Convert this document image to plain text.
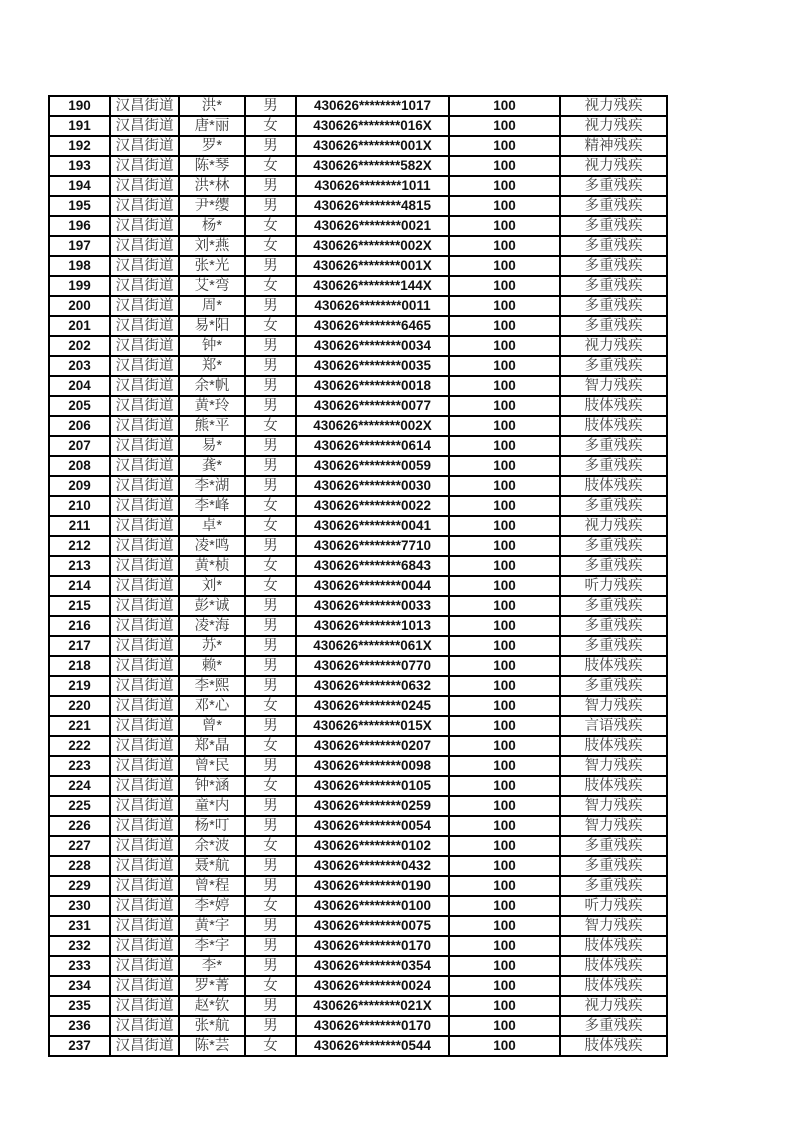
190	汉昌街道	洪*	男	430626********1017	100	视力残疾
191	汉昌街道	唐*丽	女	430626********016X	100	视力残疾
192	汉昌街道	罗*	男	430626********001X	100	精神残疾
193	汉昌街道	陈*琴	女	430626********582X	100	视力残疾
194	汉昌街道	洪*林	男	430626********1011	100	多重残疾
195	汉昌街道	尹*缨	男	430626********4815	100	多重残疾
196	汉昌街道	杨*	女	430626********0021	100	多重残疾
197	汉昌街道	刘*燕	女	430626********002X	100	多重残疾
198	汉昌街道	张*光	男	430626********001X	100	多重残疾
199	汉昌街道	艾*弯	女	430626********144X	100	多重残疾
200	汉昌街道	周*	男	430626********0011	100	多重残疾
201	汉昌街道	易*阳	女	430626********6465	100	多重残疾
202	汉昌街道	钟*	男	430626********0034	100	视力残疾
203	汉昌街道	郑*	男	430626********0035	100	多重残疾
204	汉昌街道	余*帆	男	430626********0018	100	智力残疾
205	汉昌街道	黄*玲	男	430626********0077	100	肢体残疾
206	汉昌街道	熊*平	女	430626********002X	100	肢体残疾
207	汉昌街道	易*	男	430626********0614	100	多重残疾
208	汉昌街道	龚*	男	430626********0059	100	多重残疾
209	汉昌街道	李*湖	男	430626********0030	100	肢体残疾
210	汉昌街道	李*峰	女	430626********0022	100	多重残疾
211	汉昌街道	卓*	女	430626********0041	100	视力残疾
212	汉昌街道	凌*鸣	男	430626********7710	100	多重残疾
213	汉昌街道	黄*桢	女	430626********6843	100	多重残疾
214	汉昌街道	刘*	女	430626********0044	100	听力残疾
215	汉昌街道	彭*诚	男	430626********0033	100	多重残疾
216	汉昌街道	凌*海	男	430626********1013	100	多重残疾
217	汉昌街道	苏*	男	430626********061X	100	多重残疾
218	汉昌街道	赖*	男	430626********0770	100	肢体残疾
219	汉昌街道	李*熙	男	430626********0632	100	多重残疾
220	汉昌街道	邓*心	女	430626********0245	100	智力残疾
221	汉昌街道	曾*	男	430626********015X	100	言语残疾
222	汉昌街道	郑*晶	女	430626********0207	100	肢体残疾
223	汉昌街道	曾*民	男	430626********0098	100	智力残疾
224	汉昌街道	钟*涵	女	430626********0105	100	肢体残疾
225	汉昌街道	童*内	男	430626********0259	100	智力残疾
226	汉昌街道	杨*叮	男	430626********0054	100	智力残疾
227	汉昌街道	余*波	女	430626********0102	100	多重残疾
228	汉昌街道	聂*航	男	430626********0432	100	多重残疾
229	汉昌街道	曾*程	男	430626********0190	100	多重残疾
230	汉昌街道	李*婷	女	430626********0100	100	听力残疾
231	汉昌街道	黄*宇	男	430626********0075	100	智力残疾
232	汉昌街道	李*宇	男	430626********0170	100	肢体残疾
233	汉昌街道	李*	男	430626********0354	100	肢体残疾
234	汉昌街道	罗*菁	女	430626********0024	100	肢体残疾
235	汉昌街道	赵*钦	男	430626********021X	100	视力残疾
236	汉昌街道	张*航	男	430626********0170	100	多重残疾
237	汉昌街道	陈*芸	女	430626********0544	100	肢体残疾
